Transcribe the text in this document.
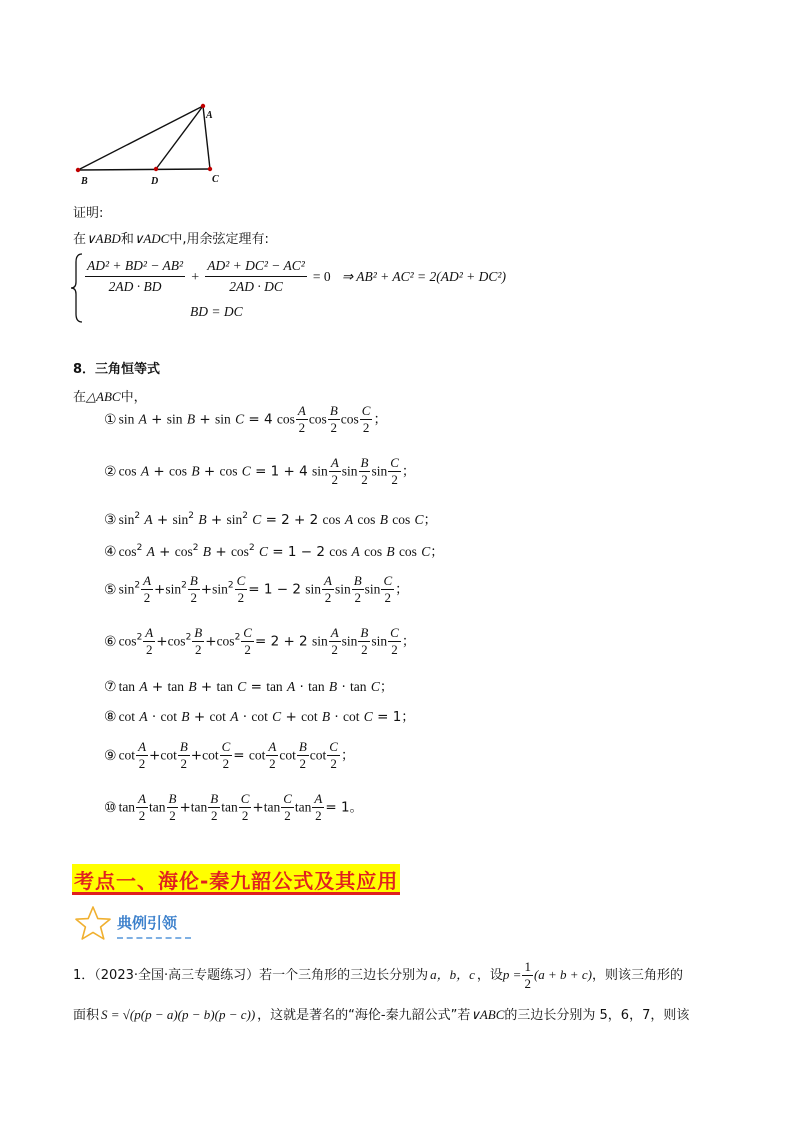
A
B	D	C
证明:
在∨ABD和∨ADC中,用余弦定理有:
$\frac{\text{AD² + BD² − AB²}}{2AD \cdot BD} + \frac{\text{AD² + DC² − AC²}}{2AD \cdot DC} = 0$ ⇒ AB² + AC² = 2(AD² + DC²)
BD = DC
8．三角恒等式
在△ABC中，
① sin A + sin B + sin C = 4 $\cos \frac{A}{2}$ $\cos \frac{B}{2}$ $\cos \frac{C}{2}$ ；
② cos A + cos B + cos C = 1 + 4 $\sin \frac{A}{2}$ $\sin \frac{B}{2}$ $\sin \frac{C}{2}$ ；
③ $\sin^2 A + \sin^2 B + \sin^2 C = 2 + 2$ cos A cos B cos C；
④ $\cos^2 A + \cos^2 B + \cos^2 C = 1 - 2$ cos A cos B cos C；
⑤ $\sin^2 \frac{A}{2} +\sin^2 \frac{B}{2} +\sin^2 \frac{C}{2} = 1 - 2$ $\sin \frac{A}{2}$ $\sin \frac{B}{2}$ $\sin \frac{C}{2}$ ；
⑥ $\cos^2 \frac{A}{2} +\cos^2 \frac{B}{2} +\cos^2 \frac{C}{2} = 2 + 2$ $\sin \frac{A}{2}$ $\sin \frac{B}{2}$ $\sin \frac{C}{2}$ ；
⑦ tan A + tan B + tan C = tan A · tan B · tan C；
⑧ cot A · cot B + cot A · cot C + cot B · cot C = 1；
⑨ $\cot \frac{A}{2} +\cot \frac{B}{2} +\cot \frac{C}{2} = \cot \frac{A}{2}$ $\cot \frac{B}{2}$ $\cot \frac{C}{2}$ ；
⑩ $\tan \frac{A}{2}$ $\tan \frac{B}{2} +\tan \frac{B}{2}$ $\tan \frac{C}{2} +\tan \frac{C}{2}$ $\tan \frac{A}{2} = 1$。
考点一、海伦-秦九韶公式及其应用
典例引领
1．（2023·全国·高三专题练习）若一个三角形的三边长分别为 a，b，c ，设$p = \frac{1}{2} (a + b + c)$，则该三角形的
面积 S = √(p(p − a)(p − b)(p − c)) ，这就是著名的“海伦-秦九韶公式”若∨ABC的三边长分别为 5，6，7，则该
